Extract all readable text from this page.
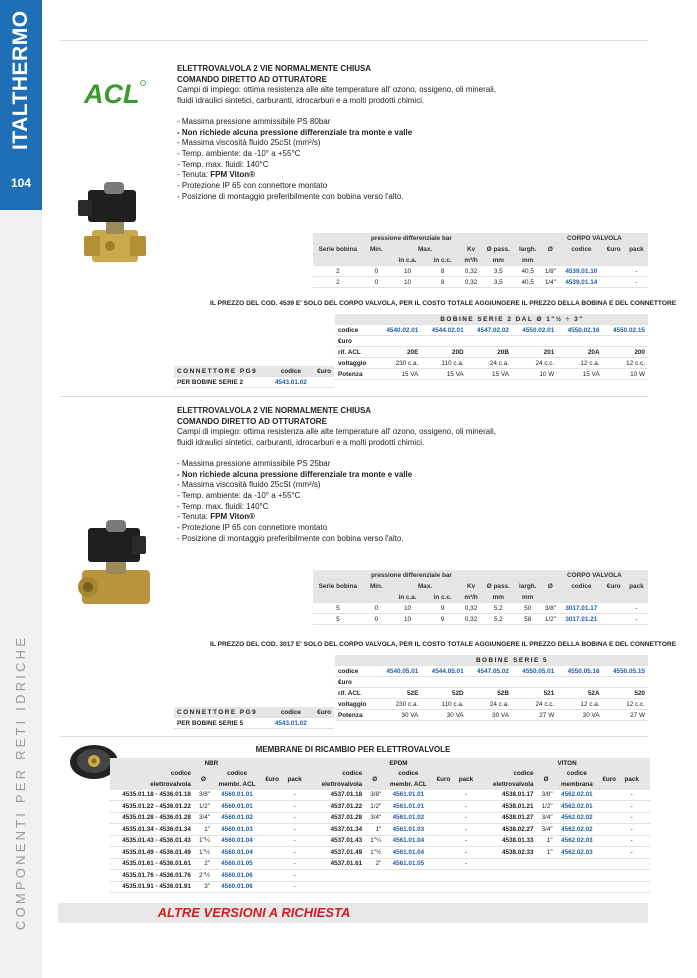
ITALTHERMO
104
COMPONENTI PER RETI IDRICHE
ACL
ELETTROVALVOLA 2 VIE NORMALMENTE CHIUSA
COMANDO DIRETTO AD OTTURATORE
Campi di impiego: ottima resistenza alle alte temperature all' ozono, ossigeno, oli minerali,
fluidi idraulici sintetici, carburanti, idrocarburi e a molti prodotti chimici.
- Massima pressione ammissibile PS 80bar
- Non richiede alcuna pressione differenziale tra monte e valle
- Massima viscosità fluido 25cSt (mm²/s)
- Temp. ambiente: da -10° a +55°C
- Temp. max. fluidi: 140°C
- Tenuta: FPM Viton®
- Protezione IP 65 con connettore montato
- Posizione di montaggio preferibilmente con bobina verso l'alto.
	pressione differenziale bar						CORPO VALVOLA			
Serie bobina	Min.	Max.		Kv	Ø pass.	largh.	Ø	codice	€uro	pack
		in c.a.	in c.c.	m³/h	mm	mm				
2	0	10	8	0,32	3,5	40,5	1/8"	4539.01.10		-
2	0	10	8	0,32	3,5	40,5	1/4"	4539.01.14		-
IL PREZZO DEL COD. 4539 E' SOLO DEL CORPO VALVOLA, PER IL COSTO TOTALE AGGIUNGERE IL PREZZO DELLA BOBINA E DEL CONNETTORE
	BOBINE SERIE 2 DAL Ø 1"½ ÷ 3"					
codice	4540.02.01	4544.02.01	4547.02.02	4550.02.01	4550.02.16	4550.02.15
€uro						
rif. ACL	20E	20D	20B	201	20A	200
voltaggio	230 c.a.	110 c.a.	24 c.a.	24 c.c.	12 c.a.	12 c.c.
Potenza	15 VA	15 VA	15 VA	10 W	15 VA	10 W
CONNETTORE PG9	codice	€uro
PER BOBINE SERIE 2	4543.01.02	
ELETTROVALVOLA 2 VIE NORMALMENTE CHIUSA
COMANDO DIRETTO AD OTTURATORE
Campi di impiego: ottima resistenza alle alte temperature all' ozono, ossigeno, oli minerali,
fluidi idraulici sintetici, carburanti, idrocarburi e a molti prodotti chimici.
- Massima pressione ammissibile PS 25bar
- Non richiede alcuna pressione differenziale tra monte e valle
- Massima viscosità fluido 25cSt (mm²/s)
- Temp. ambiente: da -10° a +55°C
- Temp. max. fluidi: 140°C
- Tenuta: FPM Viton®
- Protezione IP 65 con connettore montato
- Posizione di montaggio preferibilmente con bobina verso l'alto.
	pressione differenziale bar						CORPO VALVOLA			
Serie bobina	Min.	Max.		Kv	Ø pass.	largh.	Ø	codice	€uro	pack
		in c.a.	in c.c.	m³/h	mm	mm				
5	0	10	9	0,32	5,2	50	3/8"	3017.01.17		-
5	0	10	9	0,32	5,2	58	1/2"	3017.01.21		-
IL PREZZO DEL COD. 3017 E' SOLO DEL CORPO VALVOLA, PER IL COSTO TOTALE AGGIUNGERE IL PREZZO DELLA BOBINA E DEL CONNETTORE
	BOBINE SERIE 5					
codice	4540.05.01	4544.05.01	4547.05.02	4550.05.01	4550.05.16	4550.05.15
€uro						
rif. ACL	52E	52D	52B	521	52A	520
voltaggio	230 c.a.	110 c.a.	24 c.a.	24 c.c.	12 c.a.	12 c.c.
Potenza	30 VA	30 VA	30 VA	27 W	30 VA	27 W
CONNETTORE PG9	codice	€uro
PER BOBINE SERIE 5	4543.01.02	
MEMBRANE DI RICAMBIO PER ELETTROVALVOLE
NBR						EPDM						VITON					
codice	Ø	codice	€uro	pack		codice	Ø	codice	€uro	pack		codice	Ø	codice	€uro	pack	
elettrovalvola		membr. ACL				elettrovalvola		membr. ACL				elettrovalvola		membrana			
4535.01.18 - 4536.01.18	3/8"	4560.01.01		-		4537.01.18	3/8"	4561.01.01		-		4538.01.17	3/8"	4562.02.01		-	
4535.01.22 - 4536.01.22	1/2"	4560.01.01		-		4537.01.22	1/2"	4561.01.01		-		4538.01.21	1/2"	4562.02.01		-	
4535.01.28 - 4536.01.28	3/4"	4560.01.02		-		4537.01.28	3/4"	4561.01.02		-		4538.01.27	3/4"	4562.02.02		-	
4535.01.34 - 4536.01.34	1"	4560.01.03		-		4537.01.34	1"	4561.01.03		-		4538.02.27	3/4"	4562.02.02		-	
4535.01.43 - 4536.01.43	1"¼	4560.01.04		-		4537.01.43	1"¼	4561.01.04		-		4538.01.33	1"	4562.02.03		-	
4535.01.49 - 4536.01.49	1"½	4560.01.04		-		4537.01.49	1"½	4561.01.04		-		4538.02.33	1"	4562.02.03		-	
4535.01.61 - 4536.01.61	2"	4560.01.05		-		4537.01.61	2"	4561.01.05		-							
4535.01.76 - 4536.01.76	2"½	4560.01.06		-													
4535.01.91 - 4536.01.91	3"	4560.01.06		-													
ALTRE VERSIONI A RICHIESTA
